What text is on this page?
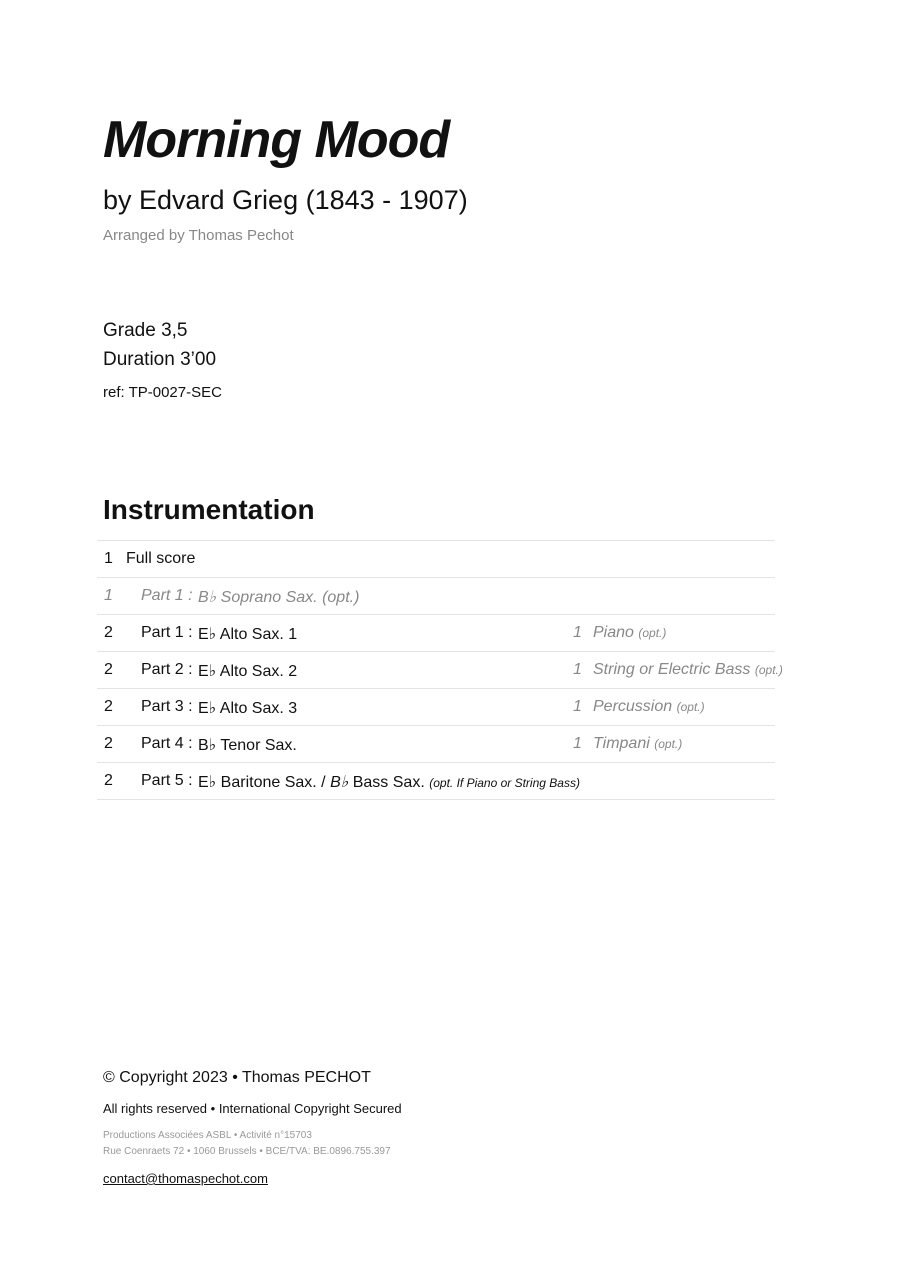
Morning Mood
by Edvard Grieg (1843 - 1907)
Arranged by Thomas Pechot
Grade 3,5
Duration 3’00
ref: TP-0027-SEC
Instrumentation
1 Full score
1 Part 1 : B♭ Soprano Sax. (opt.)
2 Part 1 : E♭ Alto Sax. 1	1 Piano (opt.)
2 Part 2 : E♭ Alto Sax. 2	1 String or Electric Bass (opt.)
2 Part 3 : E♭ Alto Sax. 3	1 Percussion (opt.)
2 Part 4 : B♭ Tenor Sax.	1 Timpani (opt.)
2 Part 5 : E♭ Baritone Sax. / B♭ Bass Sax. (opt. If Piano or String Bass)
© Copyright 2023 • Thomas PECHOT
All rights reserved • International Copyright Secured
Productions Associées ASBL • Activité n°15703
Rue Coenraets 72 • 1060 Brussels • BCE/TVA: BE.0896.755.397
contact@thomaspechot.com
